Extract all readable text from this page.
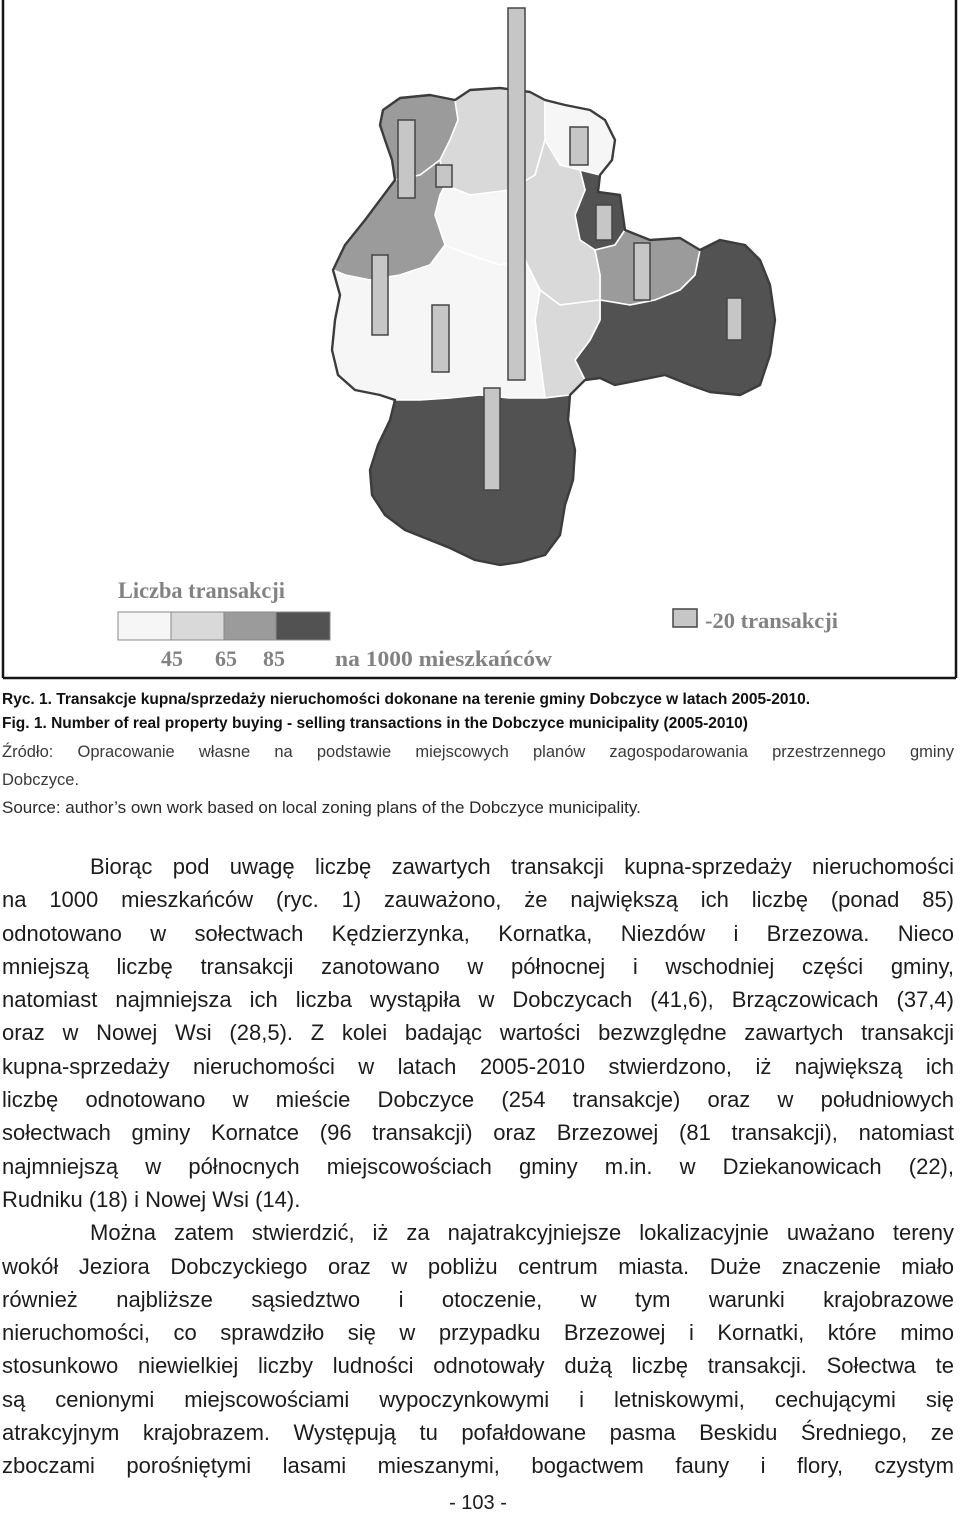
Liczba transakcji
45 65 85 na 1000 mieszkańców
-20 transakcji
Ryc. 1. Transakcje kupna/sprzedaży nieruchomości dokonane na terenie gminy Dobczyce w latach 2005-2010.
Fig. 1. Number of real property buying - selling transactions in the Dobczyce municipality (2005-2010)
Źródło: Opracowanie własne na podstawie miejscowych planów zagospodarowania przestrzennego gminy
Dobczyce.
Source: author’s own work based on local zoning plans of the Dobczyce municipality.
Biorąc pod uwagę liczbę zawartych transakcji kupna-sprzedaży nieruchomości
na 1000 mieszkańców (ryc. 1) zauważono, że największą ich liczbę (ponad 85)
odnotowano w sołectwach Kędzierzynka, Kornatka, Niezdów i Brzezowa. Nieco
mniejszą liczbę transakcji zanotowano w północnej i wschodniej części gminy,
natomiast najmniejsza ich liczba wystąpiła w Dobczycach (41,6), Brzączowicach (37,4)
oraz w Nowej Wsi (28,5). Z kolei badając wartości bezwzględne zawartych transakcji
kupna-sprzedaży nieruchomości w latach 2005-2010 stwierdzono, iż największą ich
liczbę odnotowano w mieście Dobczyce (254 transakcje) oraz w południowych
sołectwach gminy Kornatce (96 transakcji) oraz Brzezowej (81 transakcji), natomiast
najmniejszą w północnych miejscowościach gminy m.in. w Dziekanowicach (22),
Rudniku (18) i Nowej Wsi (14).
Można zatem stwierdzić, iż za najatrakcyjniejsze lokalizacyjnie uważano tereny
wokół Jeziora Dobczyckiego oraz w pobliżu centrum miasta. Duże znaczenie miało
również najbliższe sąsiedztwo i otoczenie, w tym warunki krajobrazowe
nieruchomości, co sprawdziło się w przypadku Brzezowej i Kornatki, które mimo
stosunkowo niewielkiej liczby ludności odnotowały dużą liczbę transakcji. Sołectwa te
są cenionymi miejscowościami wypoczynkowymi i letniskowymi, cechującymi się
atrakcyjnym krajobrazem. Występują tu pofałdowane pasma Beskidu Średniego, ze
zboczami porośniętymi lasami mieszanymi, bogactwem fauny i flory, czystym
- 103 -
